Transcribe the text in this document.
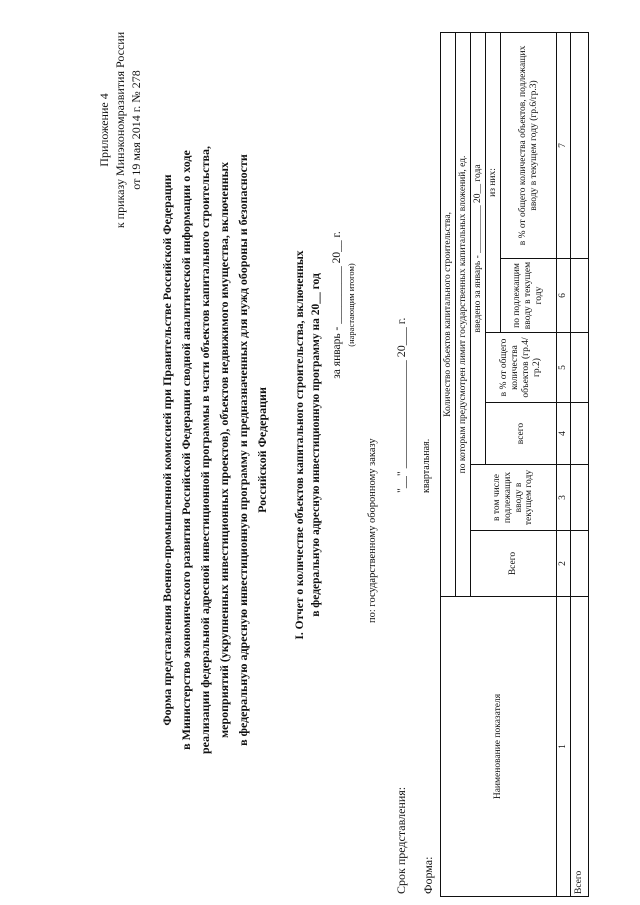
Приложение 4 к приказу Минэкономразвития России от 19 мая 2014 г. № 278
Форма представления Военно-промышленной комиссией при Правительстве Российской Федерации в Министерство экономического развития Российской Федерации сводной аналитической информации о ходе реализации федеральной адресной инвестиционной программы в части объектов капитального строительства, мероприятий (укрупненных инвестиционных проектов), объектов недвижимого имущества, включенных в федеральную адресную инвестиционную программу и предназначенных для нужд обороны и безопасности Российской Федерации I. Отчет о количестве объектов капитального строительства, включенных в федеральную адресную инвестиционную программу на 20__ год за январь - __________ 20__ г. (нарастающим итогом)
по: государственному оборонному заказу
Срок представления:
"__" __________________ 20___ г.
Форма:
квартальная.
Наименование показателя	Количество объектов капитального строительства,					
	по которым предусмотрен лимит государственных капитальных вложений, ед.					
	Всего	в том числе подлежащих вводу в текущем году	введено за январь - __________ 20__ года			
			всего	в % от общего количества объектов (гр.4/гр.2)	из них:	
					по подлежащим вводу в текущем году	в % от общего количества объектов, подлежащих вводу в текущем году (гр.6/гр.3)
1	2	3	4	5	6	7
Всего						
